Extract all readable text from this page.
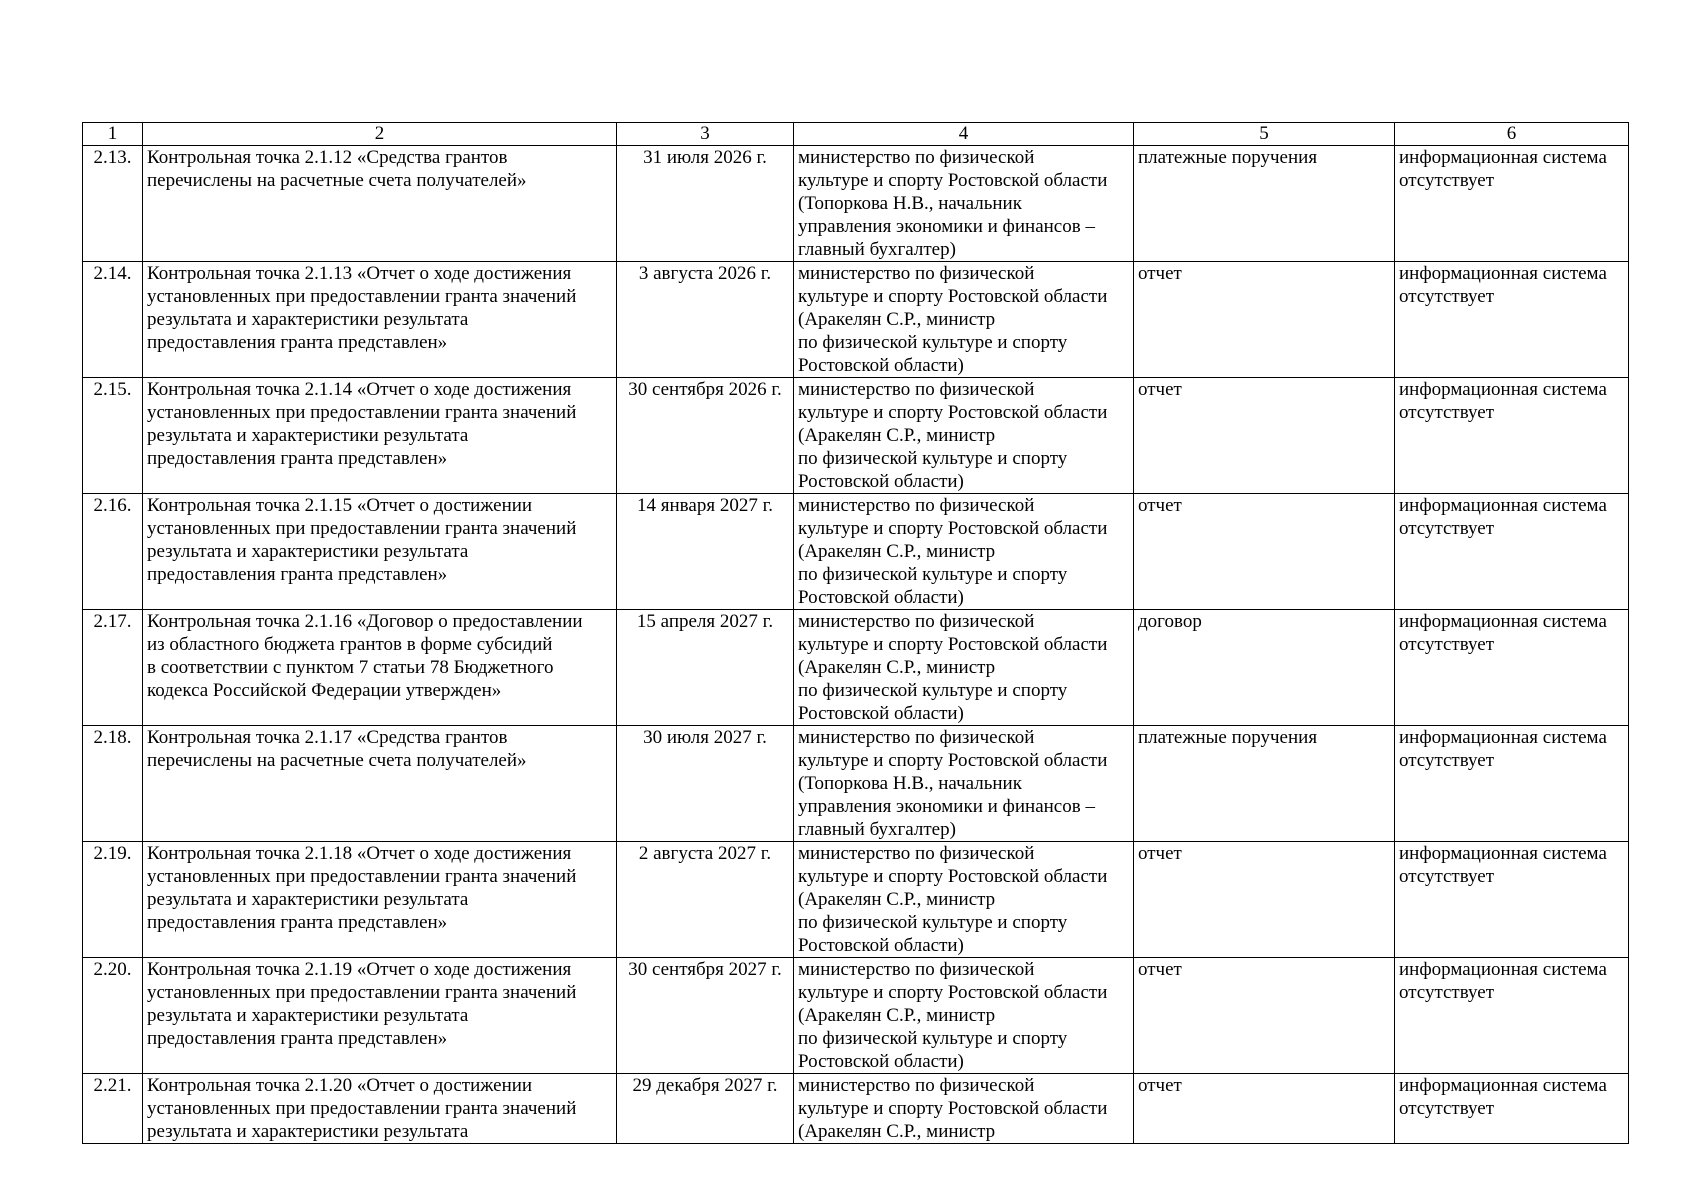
1	2	3	4	5	6
2.13.	Контрольная точка 2.1.12 «Средства грантов
перечислены на расчетные счета получателей»	31 июля 2026 г.	министерство по физической
культуре и спорту Ростовской области
(Топоркова Н.В., начальник
управления экономики и финансов –
главный бухгалтер)	платежные поручения	информационная система
отсутствует

2.14.	Контрольная точка 2.1.13 «Отчет о ходе достижения
установленных при предоставлении гранта значений
результата и характеристики результата
предоставления гранта представлен»	3 августа 2026 г.	министерство по физической
культуре и спорту Ростовской области
(Аракелян С.Р., министр
по физической культуре и спорту
Ростовской области)	отчет	информационная система
отсутствует

2.15.	Контрольная точка 2.1.14 «Отчет о ходе достижения
установленных при предоставлении гранта значений
результата и характеристики результата
предоставления гранта представлен»	30 сентября 2026 г.	министерство по физической
культуре и спорту Ростовской области
(Аракелян С.Р., министр
по физической культуре и спорту
Ростовской области)	отчет	информационная система
отсутствует

2.16.	Контрольная точка 2.1.15 «Отчет о достижении
установленных при предоставлении гранта значений
результата и характеристики результата
предоставления гранта представлен»	14 января 2027 г.	министерство по физической
культуре и спорту Ростовской области
(Аракелян С.Р., министр
по физической культуре и спорту
Ростовской области)	отчет	информационная система
отсутствует

2.17.	Контрольная точка 2.1.16 «Договор о предоставлении
из областного бюджета грантов в форме субсидий
в соответствии с пунктом 7 статьи 78 Бюджетного
кодекса Российской Федерации утвержден»	15 апреля 2027 г.	министерство по физической
культуре и спорту Ростовской области
(Аракелян С.Р., министр
по физической культуре и спорту
Ростовской области)	договор	информационная система
отсутствует

2.18.	Контрольная точка 2.1.17 «Средства грантов
перечислены на расчетные счета получателей»	30 июля 2027 г.	министерство по физической
культуре и спорту Ростовской области
(Топоркова Н.В., начальник
управления экономики и финансов –
главный бухгалтер)	платежные поручения	информационная система
отсутствует

2.19.	Контрольная точка 2.1.18 «Отчет о ходе достижения
установленных при предоставлении гранта значений
результата и характеристики результата
предоставления гранта представлен»	2 августа 2027 г.	министерство по физической
культуре и спорту Ростовской области
(Аракелян С.Р., министр
по физической культуре и спорту
Ростовской области)	отчет	информационная система
отсутствует

2.20.	Контрольная точка 2.1.19 «Отчет о ходе достижения
установленных при предоставлении гранта значений
результата и характеристики результата
предоставления гранта представлен»	30 сентября 2027 г.	министерство по физической
культуре и спорту Ростовской области
(Аракелян С.Р., министр
по физической культуре и спорту
Ростовской области)	отчет	информационная система
отсутствует

2.21.	Контрольная точка 2.1.20 «Отчет о достижении
установленных при предоставлении гранта значений
результата и характеристики результата	29 декабря 2027 г.	министерство по физической
культуре и спорту Ростовской области
(Аракелян С.Р., министр	отчет	информационная система
отсутствует
